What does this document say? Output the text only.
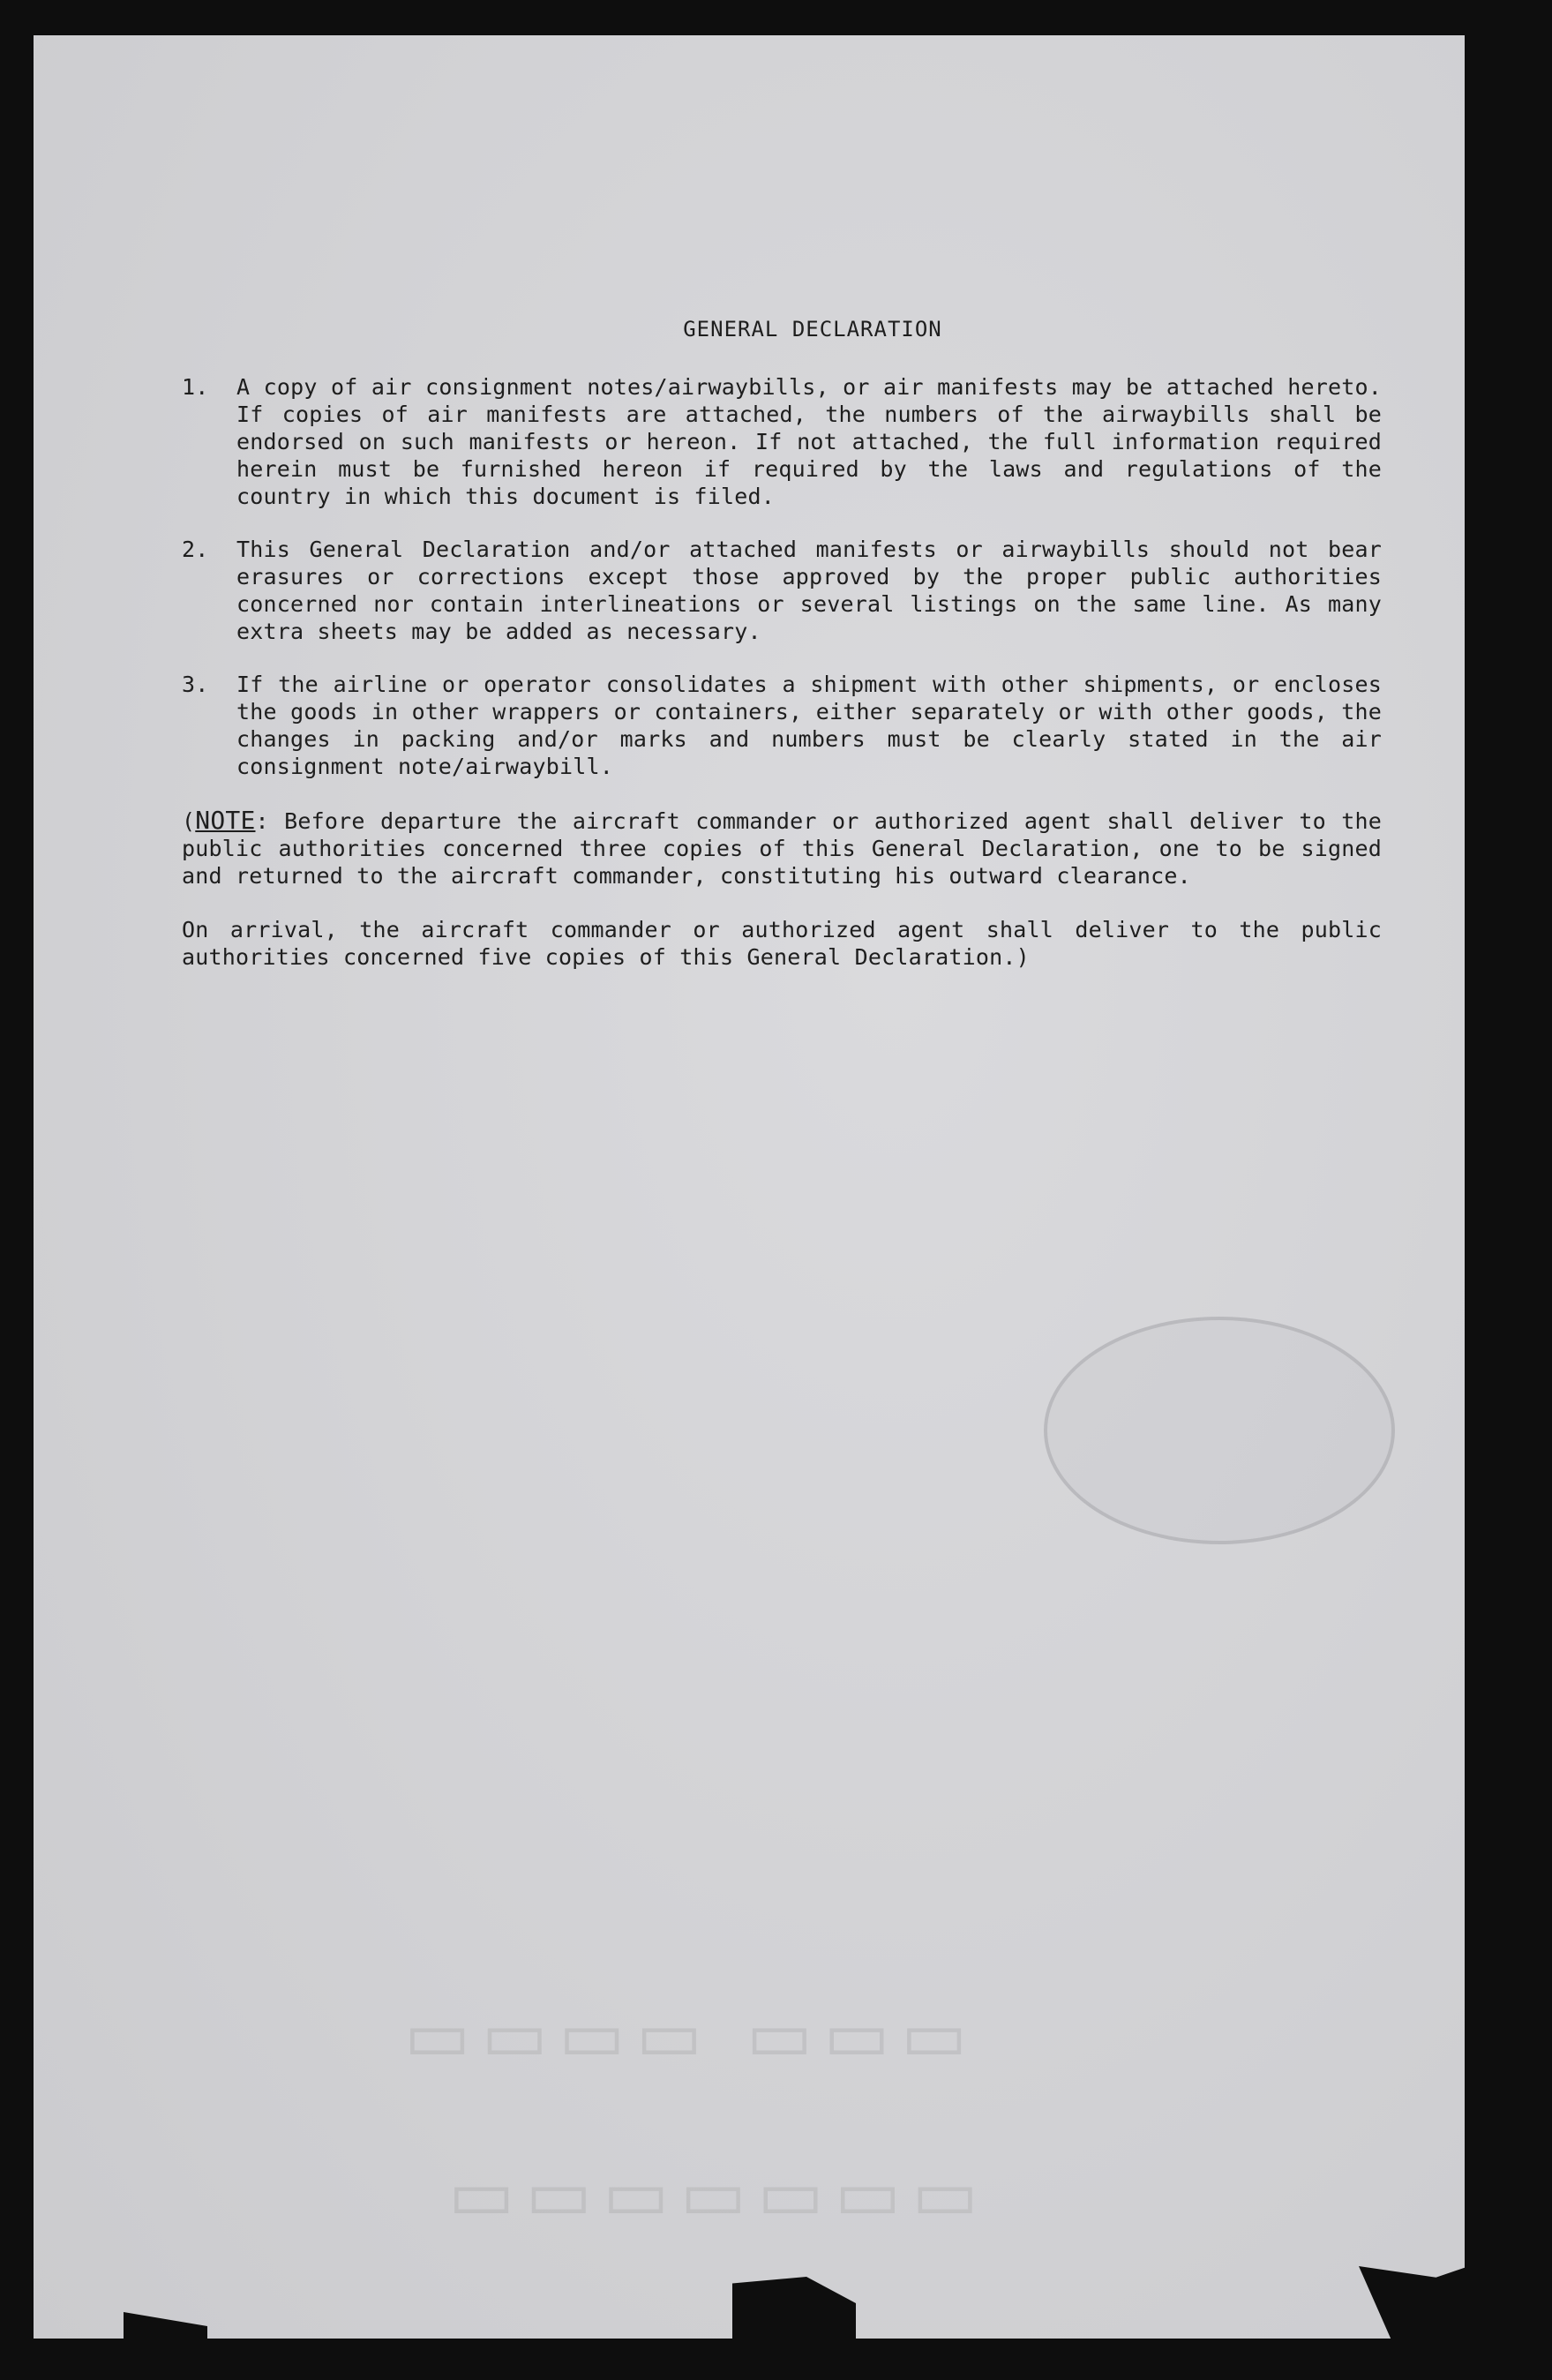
▭▭▭▭ ▭▭▭
▭▭▭▭▭▭▭
GENERAL DECLARATION
1.	A copy of air consignment notes/airwaybills, or air manifests may be attached hereto. If copies of air manifests are attached, the numbers of the airwaybills shall be endorsed on such manifests or hereon. If not attached, the full information required herein must be furnished hereon if required by the laws and regulations of the country in which this document is filed.
2.	This General Declaration and/or attached manifests or airwaybills should not bear erasures or corrections except those approved by the proper public authorities concerned nor contain interlineations or several listings on the same line. As many extra sheets may be added as necessary.
3.	If the airline or operator consolidates a shipment with other shipments, or encloses the goods in other wrappers or containers, either separately or with other goods, the changes in packing and/or marks and numbers must be clearly stated in the air consignment note/airwaybill.
(NOTE: Before departure the aircraft commander or authorized agent shall deliver to the public authorities concerned three copies of this General Declaration, one to be signed and returned to the aircraft commander, constituting his outward clearance.
On arrival, the aircraft commander or authorized agent shall deliver to the public authorities concerned five copies of this General Declaration.)
